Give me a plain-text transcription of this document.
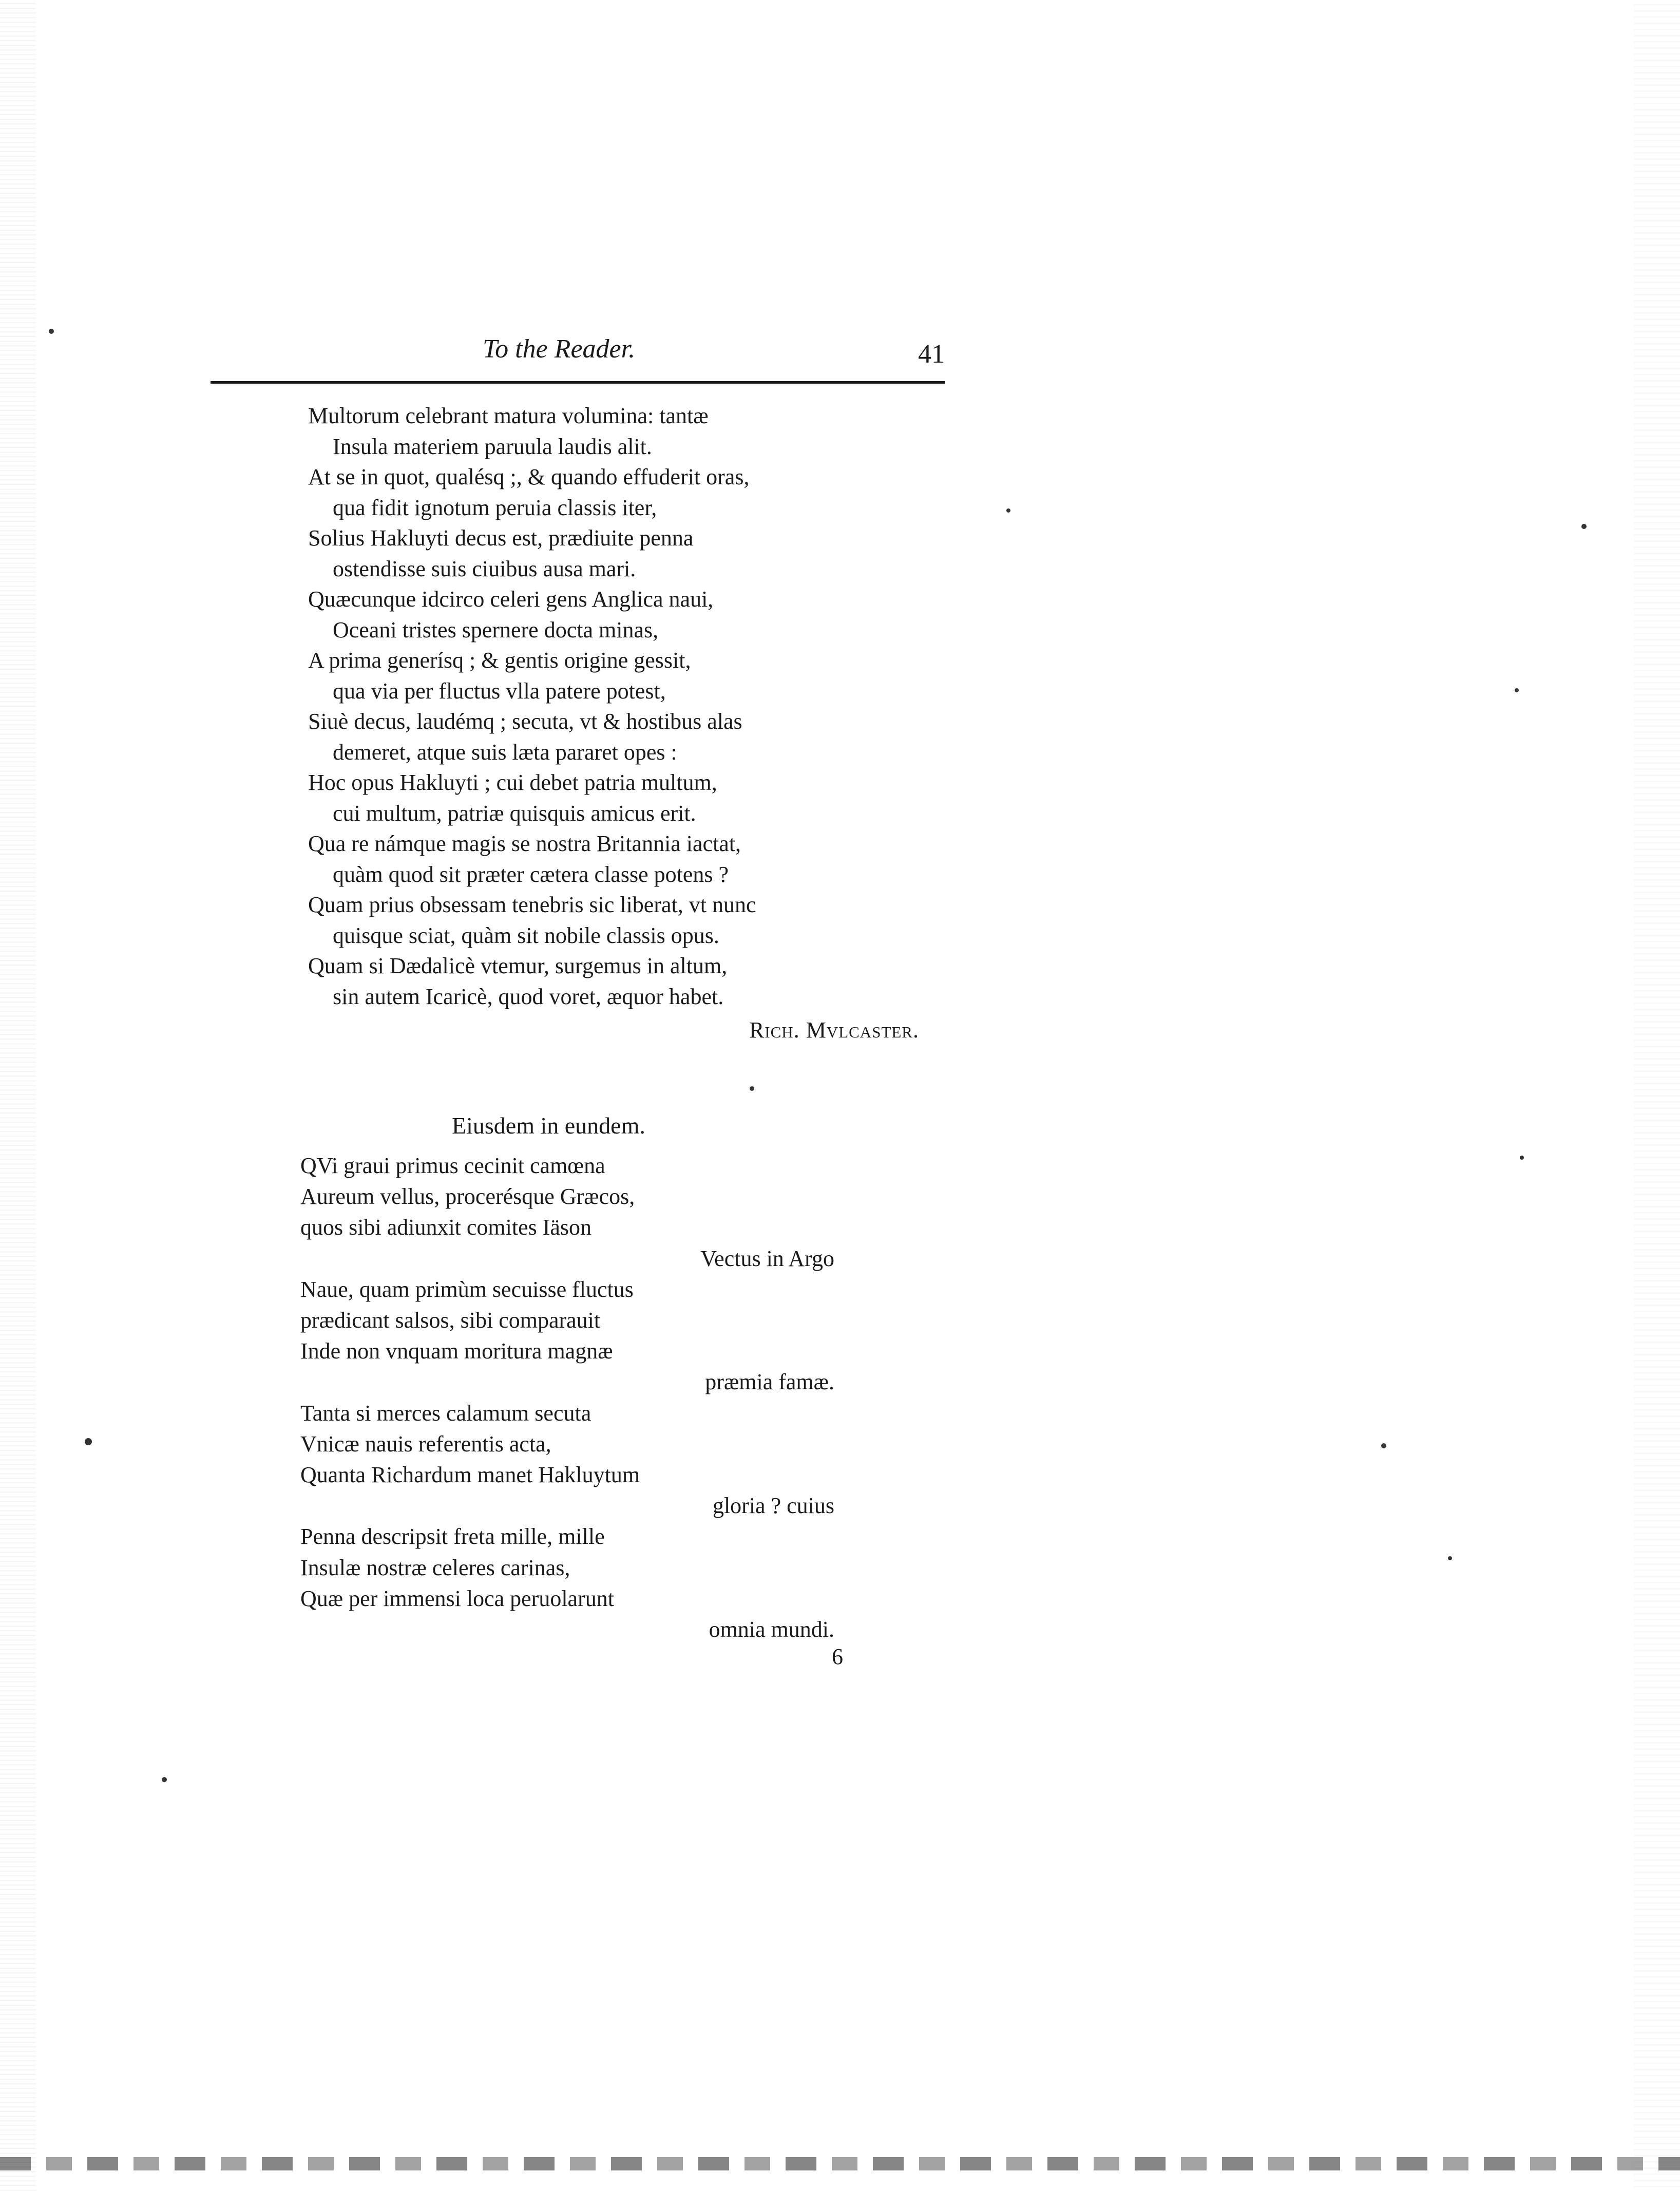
To the Reader.	41
Multorum celebrant matura volumina: tantæ
Insula materiem paruula laudis alit.
At se in quot, qualésq ;, & quando effuderit oras,
qua fidit ignotum peruia classis iter,
Solius Hakluyti decus est, prædiuite penna
ostendisse suis ciuibus ausa mari.
Quæcunque idcirco celeri gens Anglica naui,
Oceani tristes spernere docta minas,
A prima generísq ; & gentis origine gessit,
qua via per fluctus vlla patere potest,
Siuè decus, laudémq ; secuta, vt & hostibus alas
demeret, atque suis læta pararet opes :
Hoc opus Hakluyti ; cui debet patria multum,
cui multum, patriæ quisquis amicus erit.
Qua re námque magis se nostra Britannia iactat,
quàm quod sit præter cætera classe potens ?
Quam prius obsessam tenebris sic liberat, vt nunc
quisque sciat, quàm sit nobile classis opus.
Quam si Dædalicè vtemur, surgemus in altum,
sin autem Icaricè, quod voret, æquor habet.
Rich. Mvlcaster.
Eiusdem in eundem.
QVi graui primus cecinit camœna
Aureum vellus, procerésque Græcos,
quos sibi adiunxit comites Iäson
Vectus in Argo
Naue, quam primùm secuisse fluctus
prædicant salsos, sibi comparauit
Inde non vnquam moritura magnæ
præmia famæ.
Tanta si merces calamum secuta
Vnicæ nauis referentis acta,
Quanta Richardum manet Hakluytum
gloria ? cuius
Penna descripsit freta mille, mille
Insulæ nostræ celeres carinas,
Quæ per immensi loca peruolarunt
omnia mundi.
6
